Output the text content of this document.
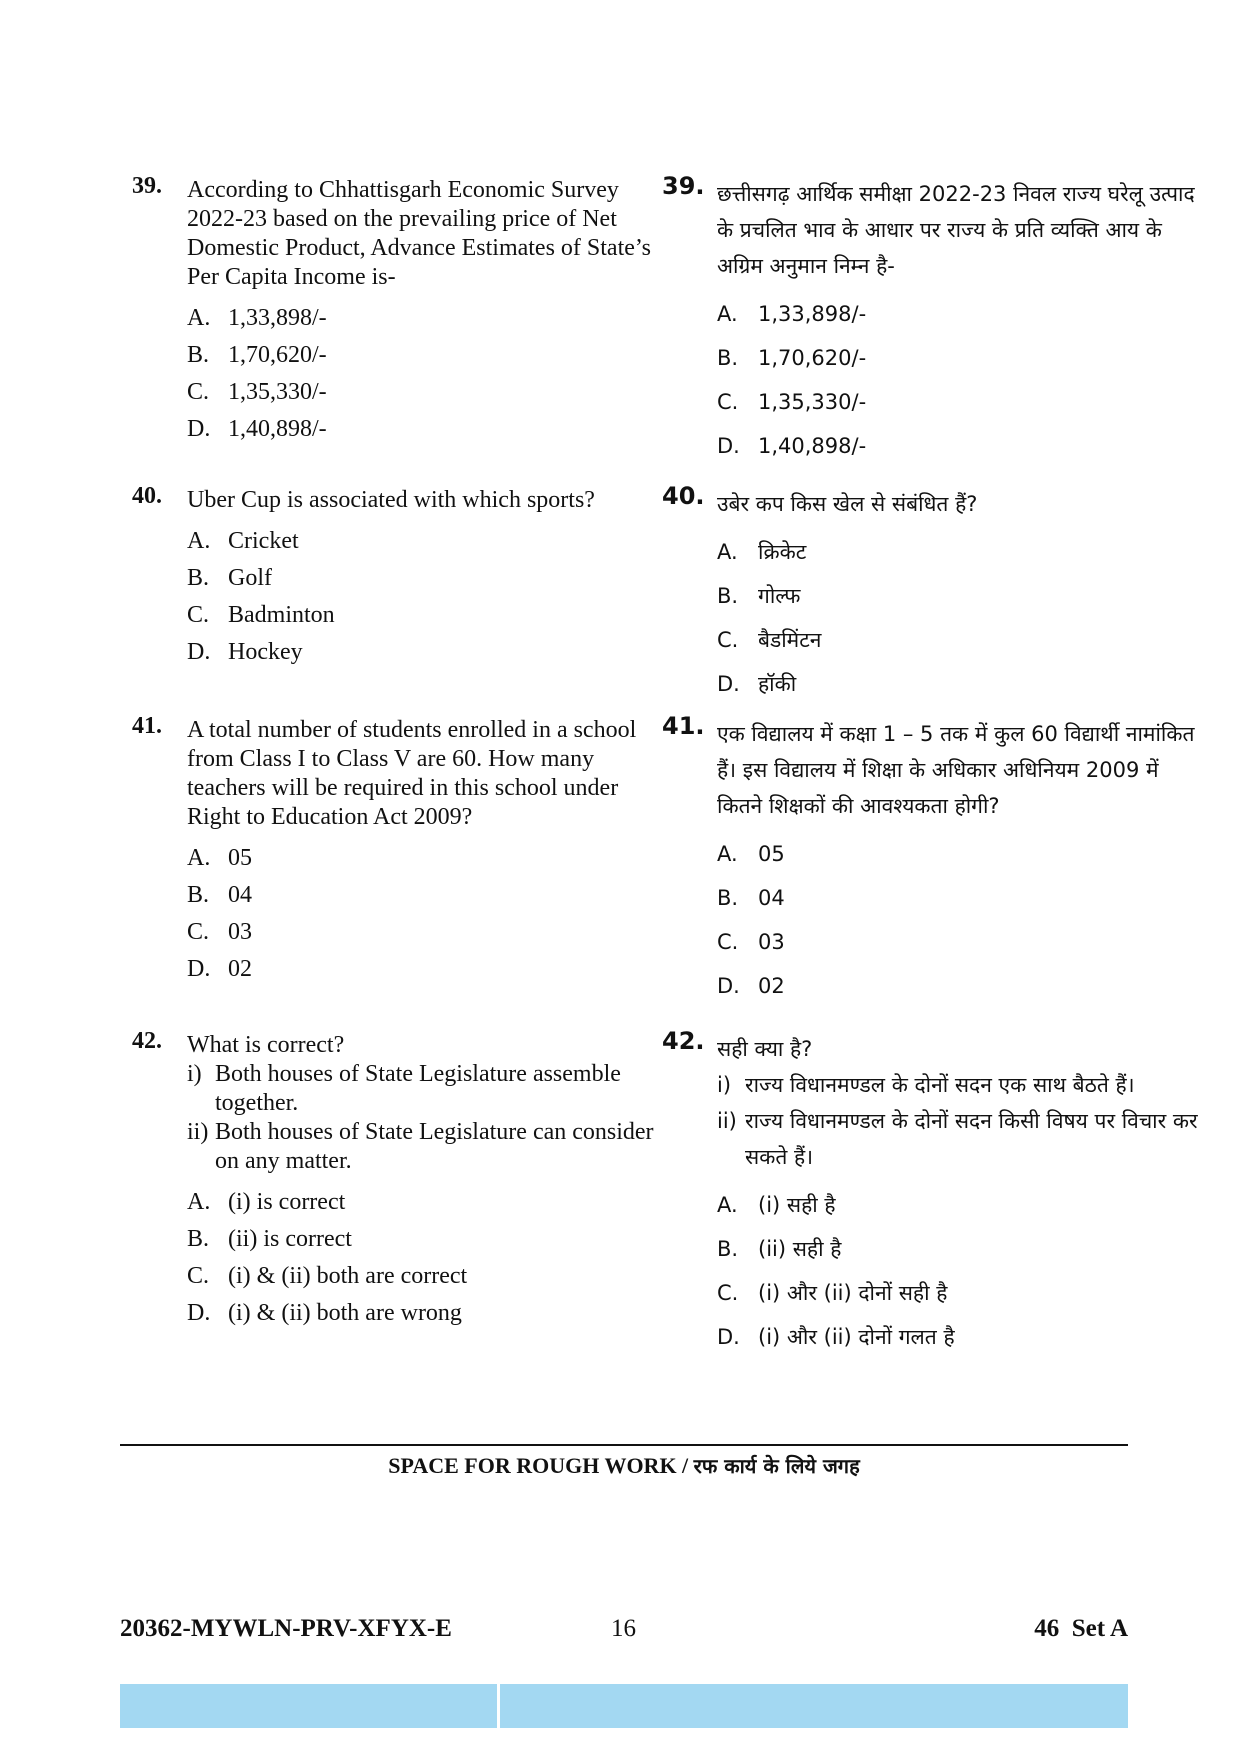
39. According to Chhattisgarh Economic Survey 2022-23 based on the prevailing price of Net Domestic Product, Advance Estimates of State’s Per Capita Income is-

A. 1,33,898/-
B. 1,70,620/-
C. 1,35,330/-
D. 1,40,898/-
40. Uber Cup is associated with which sports?

A. Cricket
B. Golf
C. Badminton
D. Hockey
41. A total number of students enrolled in a school from Class I to Class V are 60. How many teachers will be required in this school under Right to Education Act 2009?

A. 05
B. 04
C. 03
D. 02
42. What is correct?

i) Both houses of State Legislature assemble together.
ii) Both houses of State Legislature can consider on any matter.
A. (i) is correct
B. (ii) is correct
C. (i) & (ii) both are correct
D. (i) & (ii) both are wrong
39. छत्तीसगढ़ आर्थिक समीक्षा 2022-23 निवल राज्य घरेलू उत्पाद के प्रचलित भाव के आधार पर राज्य के प्रति व्यक्ति आय के अग्रिम अनुमान निम्न है-

A. 1,33,898/-
B. 1,70,620/-
C. 1,35,330/-
D. 1,40,898/-
40. उबेर कप किस खेल से संबंधित हैं?

A. क्रिकेट
B. गोल्फ
C. बैडमिंटन
D. हॉकी
41. एक विद्यालय में कक्षा 1 – 5 तक में कुल 60 विद्यार्थी नामांकित हैं। इस विद्यालय में शिक्षा के अधिकार अधिनियम 2009 में कितने शिक्षकों की आवश्यकता होगी?

A. 05
B. 04
C. 03
D. 02
42. सही क्या है?

i) राज्य विधानमण्डल के दोनों सदन एक साथ बैठते हैं।
ii) राज्य विधानमण्डल के दोनों सदन किसी विषय पर विचार कर सकते हैं।
A. (i) सही है
B. (ii) सही है
C. (i) और (ii) दोनों सही है
D. (i) और (ii) दोनों गलत है
SPACE FOR ROUGH WORK / रफ कार्य के लिये जगह
20362-MYWLN-PRV-XFYX-E	16	46  Set A
